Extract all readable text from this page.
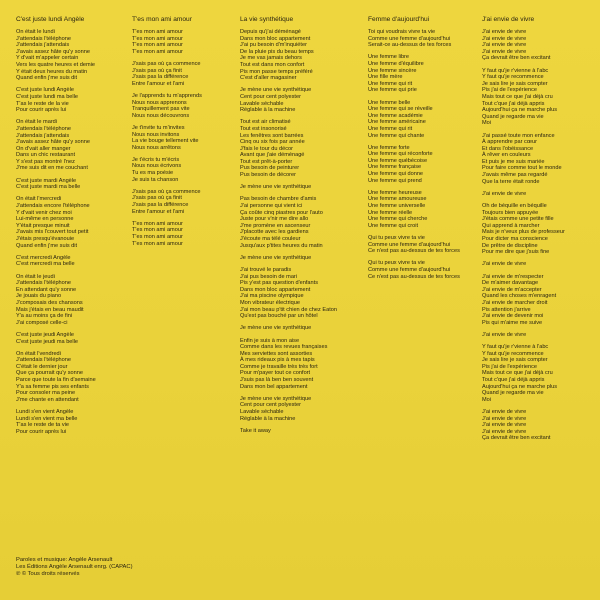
C'est juste lundi Angèle
On était le lundi
J'attendais l'téléphone
J'attendais j'attendais
J'avais assez hâte qu'y sonne
Y d'vait m'appeler certain
Vers les quatre heures et demie
Y était deux heures du matin
Quand enfin j'me suis dit
C'est juste lundi Angèle
C'est juste lundi ma belle
T'as le reste de la vie
Pour courir après lui
On était le mardi
J'attendais l'téléphone
J'attendais j'attendais
J'avais assez hâte qu'y sonne
On d'vait aller manger
Dans un chic restaurant
Y s'est pas montré l'nez
J'me suis dit en me couchant
C'est juste mardi Angèle
C'est juste mardi ma belle
On était l'mercredi
J'attendais encore l'téléphone
Y d'vait venir chez moi
Lui-même en personne
Y'était presque minuit
J'avais mis l'couvert tout petit
J'étais presqu'évanouie
Quand enfin j'me suis dit
C'est mercredi Angèle
C'est mercredi ma belle
On était le jeudi
J'attendais l'téléphone
En attendant qu'y sonne
Je jouais du piano
J'composais des chansons
Mais j'étais en beau maudit
Y'a au moins ça de fini
J'ai composé celle-ci
C'est juste jeudi Angèle
C'est juste jeudi ma belle
On était l'vendredi
J'attendais l'téléphone
C'était le dernier jour
Que ça pourrait qu'y sonne
Parce que toute la fin d'semaine
Y'a sa femme pis ses enfants
Pour consoler ma peine
J'me chante en attendant
Lundi s'en vient Angèle
Lundi s'en vient ma belle
T'as le reste de ta vie
Pour courir après lui
T'es mon ami amour
T'es mon ami amour
T'es mon ami amour
T'es mon ami amour
T'es mon ami amour
J'sais pas où ça commence
J'sais pas où ça finit
J'sais pas la différence
Entre l'amour et l'ami
Je l'apprends tu m'apprends
Nous nous apprenons
Tranquillement pas vite
Nous nous découvrons
Je t'invite tu m'invites
Nous nous invitons
La vie bouge tellement vite
Nous nous arrêtons
Je t'écris tu m'écris
Nous nous écrivons
Tu es ma poésie
Je suis ta chanson
J'sais pas où ça commence
J'sais pas où ça finit
J'sais pas la différence
Entre l'amour et l'ami
T'es mon ami amour
T'es mon ami amour
T'es mon ami amour
T'es mon ami amour
La vie synthétique
Depuis qu'j'ai déménagé
Dans mon bloc appartement
J'ai pu besoin d'm'inquiéter
De la pluie pis du beau temps
Je me vas jamais dehors
Tout est dans mon confort
Pis mon passe temps préféré
C'est d'aller magasiner
Je mène une vie synthétique
Cent pour cent polyester
Lavable séchable
Réglable à la machine
Tout est air climatisé
Tout est insonorisé
Les fenêtres sont barrées
Cinq ou six fois par année
J'fais le tour du décor
Avant que j'aie déménagé
Tout est prêt-à-porter
Pus besoin de peinturer
Pus besoin de décorer
Je mène une vie synthétique
Pas besoin de chambre d'amis
J'ai personne qui vient ici
Ça coûte cinq piastres pour l'auto
Juste pour v'nir me dire allo
J'me promène en ascenseur
J'placotte avec les gardiens
J'écoute ma télé couleur
Jusqu'aux p'tites heures du matin
Je mène une vie synthétique
J'ai trouvé le paradis
J'ai pus besoin de mari
Pis y'est pas question d'enfants
Dans mon bloc appartement
J'ai ma piscine olympique
Mon vibrateur électrique
J'ai mon beau p'tit chien de chez Eaton
Qu'est pas bouché par un hôtel
Je mène une vie synthétique
Enfin je suis à mon aise
Comme dans les revues françaises
Mes serviettes sont assorties
À mes rideaux pis à mes tapis
Comme je travaille très très fort
Pour m'payer tout ce confort
J'suis pas là ben ben souvent
Dans mon bel appartement
Je mène une vie synthétique
Cent pour cent polyester
Lavable séchable
Réglable à la machine
Take it away
Femme d'aujourd'hui
Toi qui voudrais vivre ta vie
Comme une femme d'aujourd'hui
Serait-ce au-dessus de tes forces
Une femme libre
Une femme d'équilibre
Une femme sincère
Une fille mère
Une femme qui rit
Une femme qui prie
Une femme belle
Une femme qui se réveille
Une femme académie
Une femme américaine
Une femme qui rit
Une femme qui chante
Une femme forte
Une femme qui réconforte
Une femme québécoise
Une femme française
Une femme qui donne
Une femme qui prend
Une femme heureuse
Une femme amoureuse
Une femme universelle
Une femme réelle
Une femme qui cherche
Une femme qui croit
Qui tu peux vivre ta vie
Comme une femme d'aujourd'hui
Ce n'est pas au-dessus de tes forces
Qui tu peux vivre ta vie
Comme une femme d'aujourd'hui
Ce n'est pas au-dessus de tes forces
J'ai envie de vivre
J'ai envie de vivre
J'ai envie de vivre
J'ai envie de vivre
J'ai envie de vivre
Ça devrait être ben excitant
Y faut qu'je r'vienne à l'abc
Y faut qu'je recommence
Je sais lire je sais compter
Pis j'ai de l'expérience
Mais tout ce que j'ai déjà cru
Tout c'que j'ai déjà appris
Aujourd'hui ça ne marche plus
Quand je regarde ma vie
Moi
J'ai passé toute mon enfance
À apprendre par cœur
Et dans l'obéissance
À rêver en couleurs
Et puis je me suis mariée
Pour faire comme tout le monde
J'avais même pas regardé
Que la terre était ronde
J'ai envie de vivre
Oh de béquille en béquille
Toujours bien appuyée
J'étais comme une petite fille
Qui apprend à marcher
Mais je n'veux plus de professeur
Pour dicter ma conscience
De prêtre de discipline
Pour me dire que j'suis fine
J'ai envie de vivre
J'ai envie de m'respecter
De m'aimer davantage
J'ai envie de m'accepter
Quand les choses m'enragent
J'ai envie de marcher droit
Pis attention j'arrive
J'ai envie de devenir moi
Pis qui m'aime me suive
J'ai envie de vivre
Y faut qu'je r'vienne à l'abc
Y faut qu'je recommence
Je sais lire je sais compter
Pis j'ai de l'expérience
Mais tout ce que j'ai déjà cru
Tout c'que j'ai déjà appris
Aujourd'hui ça ne marche plus
Quand je regarde ma vie
Moi
J'ai envie de vivre
J'ai envie de vivre
J'ai envie de vivre
J'ai envie de vivre
Ça devrait être ben excitant
Paroles et musique: Angèle Arsenault
Les Éditions Angèle Arsenault enrg. (CAPAC)
℗ © Tous droits réservés
